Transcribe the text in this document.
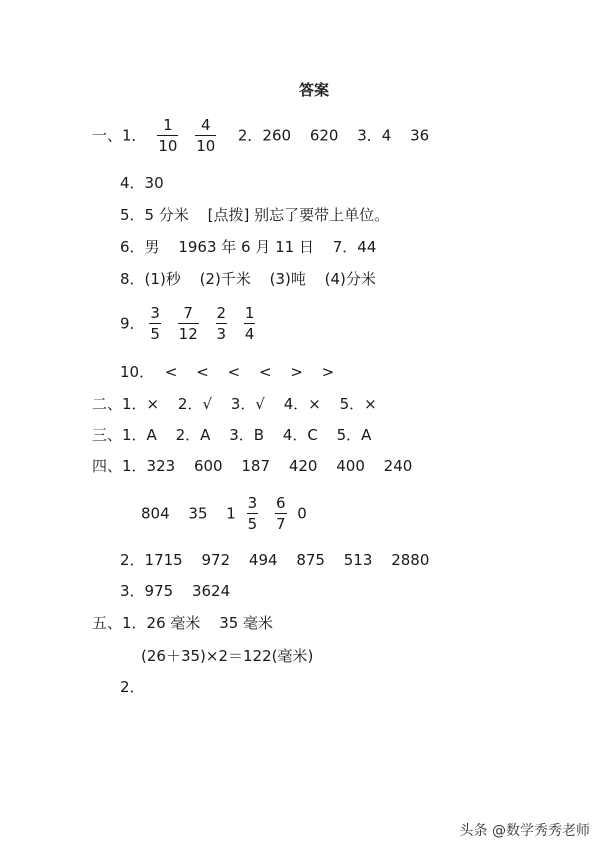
答案
一、1． $\frac{1}{10}$
$\frac{4}{10} 2$．260 620 3．4 36
4．30
5．5 分米 [点拨] 别忘了要带上单位。
6．男 1963 年 6 月 11 日 7．44
8．(1)秒 (2)千米 (3)吨 (4)分米
9． $\frac{3}{5}$
$\frac{7}{12}$
$\frac{2}{3}$
$\frac{1}{4}$
10． < < < < > >
二、1．× 2．√ 3．√ 4．× 5．×
三、1．A 2．A 3．B 4．C 5．A
四、1．323 600 187 420 400 240
804 35 $1 \frac{3}{5}$
$\frac{6}{7} 0$
2．1715 972 494 875 513 2880
3．975 3624
五、1．26 毫米 35 毫米
(26＋35)×2＝122(毫米)
2．
头条 @数学秀秀老师
